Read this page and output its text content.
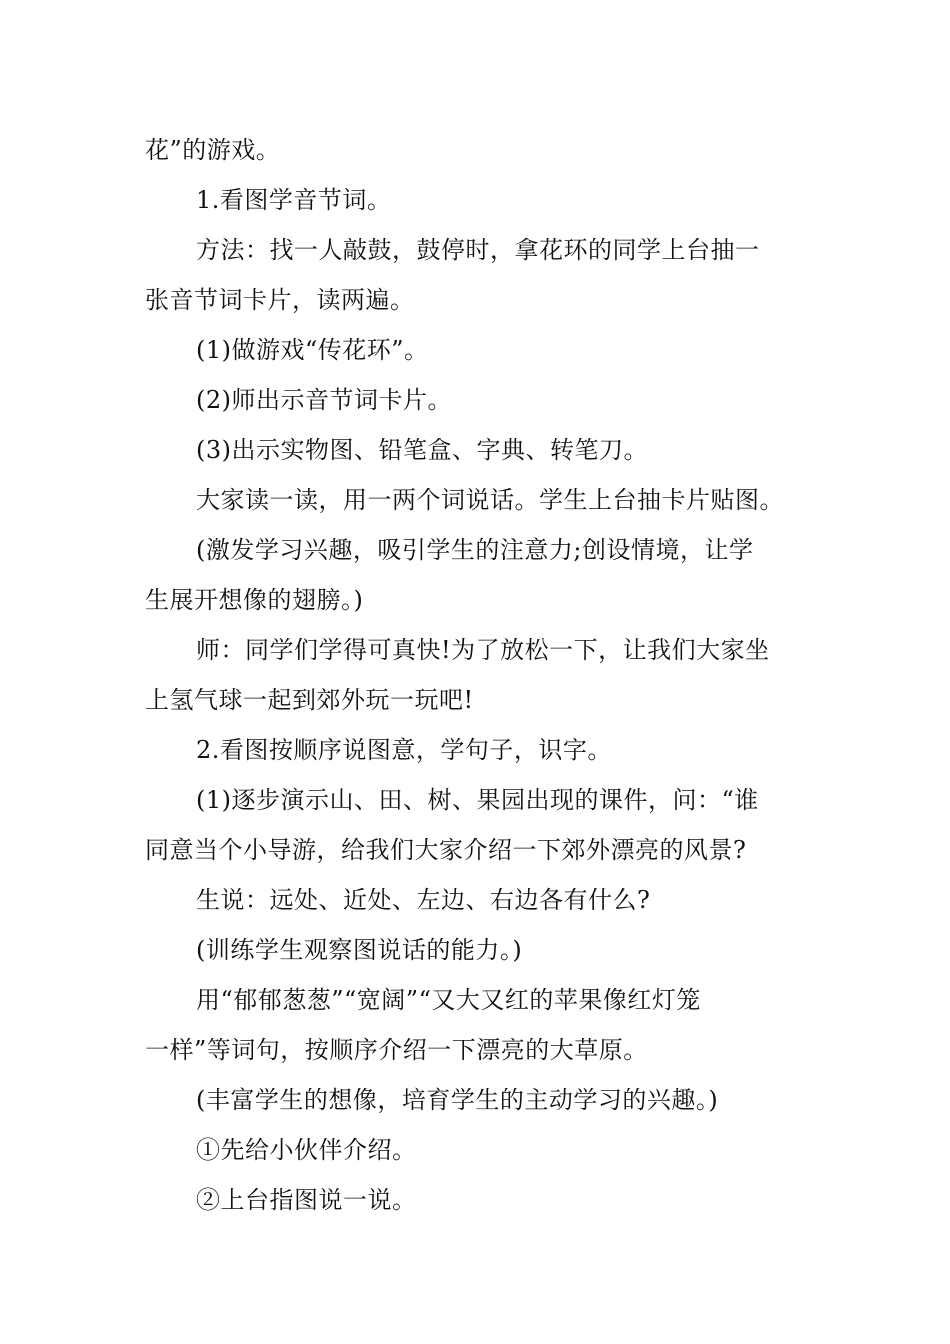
花”的游戏。
1.看图学音节词。
方法：找一人敲鼓，鼓停时，拿花环的同学上台抽一
张音节词卡片，读两遍。
(1)做游戏“传花环”。
(2)师出示音节词卡片。
(3)出示实物图、铅笔盒、字典、转笔刀。
大家读一读，用一两个词说话。学生上台抽卡片贴图。
(激发学习兴趣，吸引学生的注意力;创设情境，让学
生展开想像的翅膀。)
师：同学们学得可真快!为了放松一下，让我们大家坐
上氢气球一起到郊外玩一玩吧!
2.看图按顺序说图意，学句子，识字。
(1)逐步演示山、田、树、果园出现的课件，问：“谁
同意当个小导游，给我们大家介绍一下郊外漂亮的风景?
生说：远处、近处、左边、右边各有什么?
(训练学生观察图说话的能力。)
用“郁郁葱葱”“宽阔”“又大又红的苹果像红灯笼
一样”等词句，按顺序介绍一下漂亮的大草原。
(丰富学生的想像，培育学生的主动学习的兴趣。)
①先给小伙伴介绍。
②上台指图说一说。
